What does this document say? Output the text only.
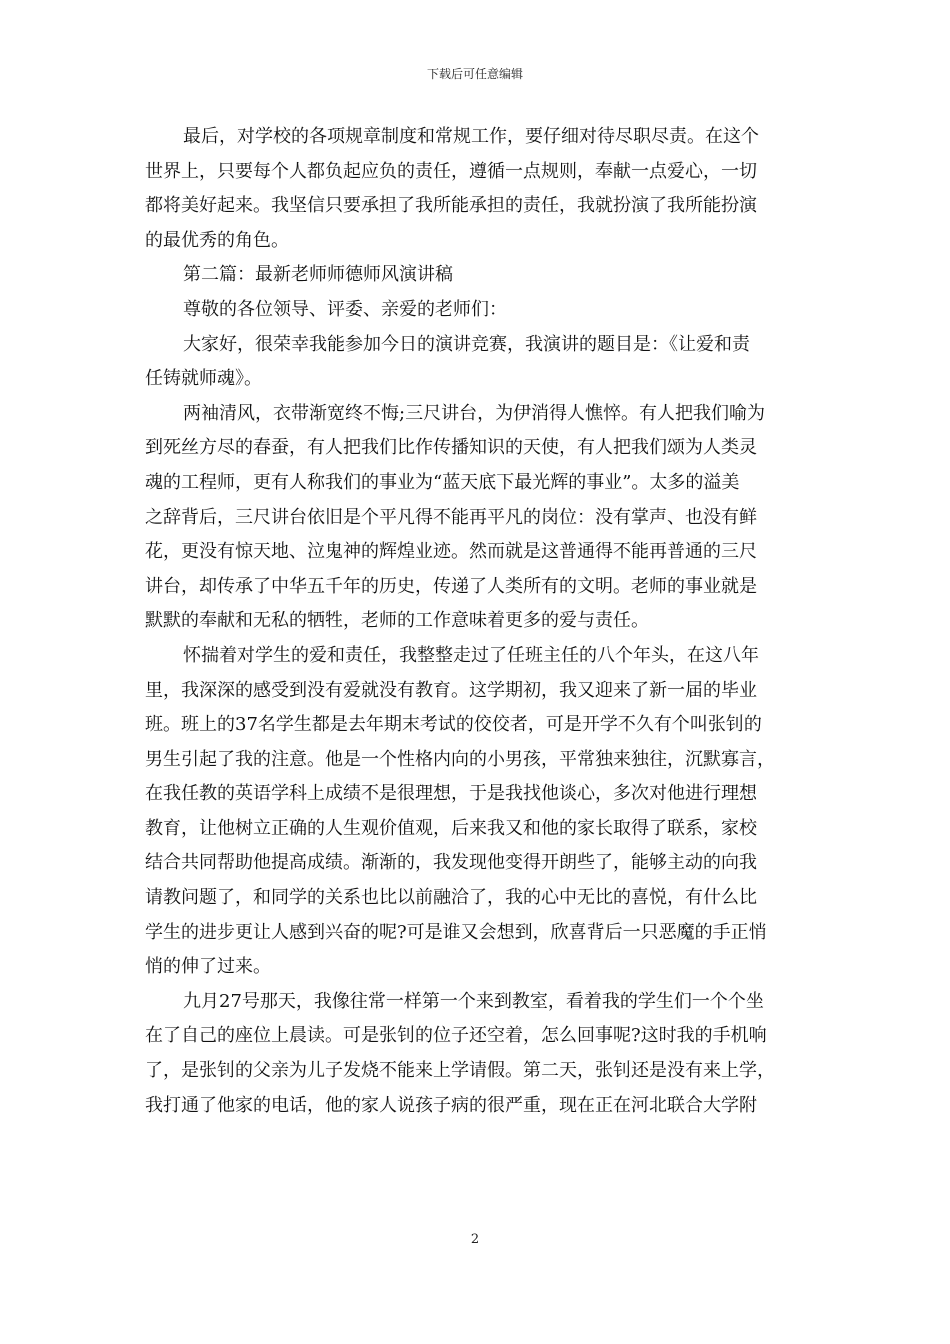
下载后可任意编辑

最后，对学校的各项规章制度和常规工作，要仔细对待尽职尽责。在这个
世界上，只要每个人都负起应负的责任，遵循一点规则，奉献一点爱心，一切
都将美好起来。我坚信只要承担了我所能承担的责任，我就扮演了我所能扮演
的最优秀的角色。

第二篇：最新老师师德师风演讲稿

尊敬的各位领导、评委、亲爱的老师们：

大家好，很荣幸我能参加今日的演讲竞赛，我演讲的题目是：《让爱和责
任铸就师魂》。

两袖清风，衣带渐宽终不悔;三尺讲台，为伊消得人憔悴。有人把我们喻为
到死丝方尽的春蚕，有人把我们比作传播知识的天使，有人把我们颂为人类灵
魂的工程师，更有人称我们的事业为“蓝天底下最光辉的事业”。太多的溢美
之辞背后，三尺讲台依旧是个平凡得不能再平凡的岗位：没有掌声、也没有鲜
花，更没有惊天地、泣鬼神的辉煌业迹。然而就是这普通得不能再普通的三尺
讲台，却传承了中华五千年的历史，传递了人类所有的文明。老师的事业就是
默默的奉献和无私的牺牲，老师的工作意味着更多的爱与责任。

怀揣着对学生的爱和责任，我整整走过了任班主任的八个年头，在这八年
里，我深深的感受到没有爱就没有教育。这学期初，我又迎来了新一届的毕业
班。班上的37名学生都是去年期末考试的佼佼者，可是开学不久有个叫张钊的
男生引起了我的注意。他是一个性格内向的小男孩，平常独来独往，沉默寡言，
在我任教的英语学科上成绩不是很理想，于是我找他谈心，多次对他进行理想
教育，让他树立正确的人生观价值观，后来我又和他的家长取得了联系，家校
结合共同帮助他提高成绩。渐渐的，我发现他变得开朗些了，能够主动的向我
请教问题了，和同学的关系也比以前融洽了，我的心中无比的喜悦，有什么比
学生的进步更让人感到兴奋的呢?可是谁又会想到，欣喜背后一只恶魔的手正悄
悄的伸了过来。

九月27号那天，我像往常一样第一个来到教室，看着我的学生们一个个坐
在了自己的座位上晨读。可是张钊的位子还空着，怎么回事呢?这时我的手机响
了，是张钊的父亲为儿子发烧不能来上学请假。第二天，张钊还是没有来上学，
我打通了他家的电话，他的家人说孩子病的很严重，现在正在河北联合大学附

2
